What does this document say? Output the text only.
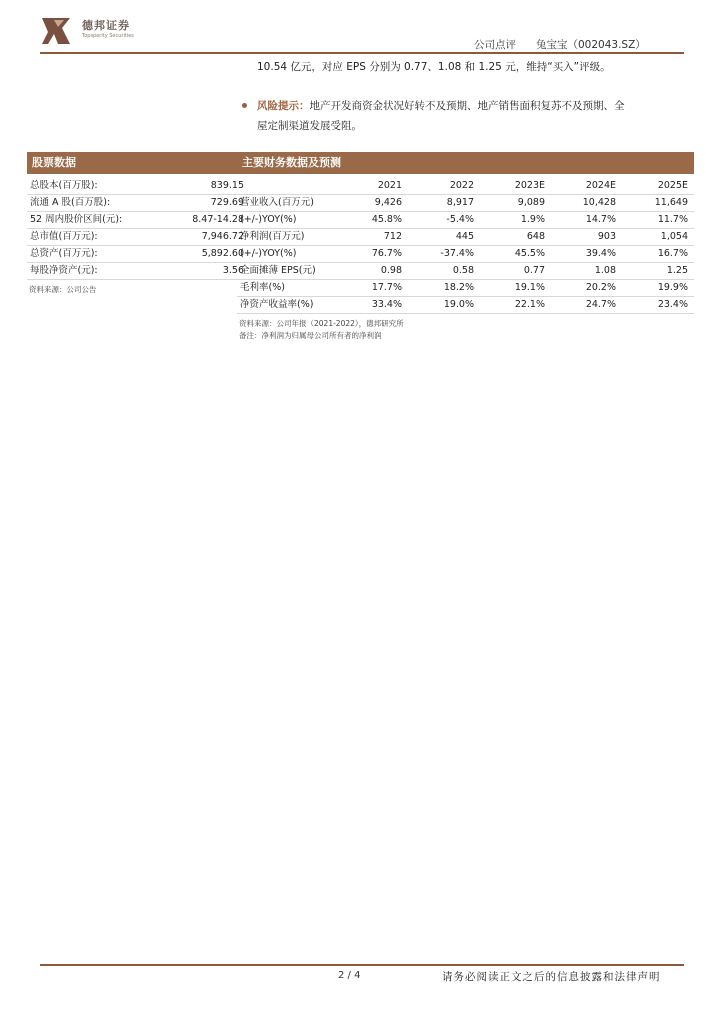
德邦证券
Topsperity Securities
公司点评 兔宝宝（002043.SZ）
10.54 亿元，对应 EPS 分别为 0.77、1.08 和 1.25 元，维持“买入”评级。
风险提示：地产开发商资金状况好转不及预期、地产销售面积复苏不及预期、全
屋定制渠道发展受阻。
股票数据
总股本(百万股):	839.15
流通 A 股(百万股):	729.69
52 周内股价区间(元):	8.47-14.28
总市值(百万元):	7,946.72
总资产(百万元):	5,892.60
每股净资产(元):	3.56
资料来源：公司公告
主要财务数据及预测
2021	2022	2023E	2024E	2025E
营业收入(百万元)	9,426	8,917	9,089	10,428	11,649
(+/-)YOY(%)	45.8%	-5.4%	1.9%	14.7%	11.7%
净利润(百万元)	712	445	648	903	1,054
(+/-)YOY(%)	76.7%	-37.4%	45.5%	39.4%	16.7%
全面摊薄 EPS(元)	0.98	0.58	0.77	1.08	1.25
毛利率(%)	17.7%	18.2%	19.1%	20.2%	19.9%
净资产收益率(%)	33.4%	19.0%	22.1%	24.7%	23.4%
资料来源：公司年报（2021-2022），德邦研究所
备注：净利润为归属母公司所有者的净利润
2 / 4	请务必阅读正文之后的信息披露和法律声明
